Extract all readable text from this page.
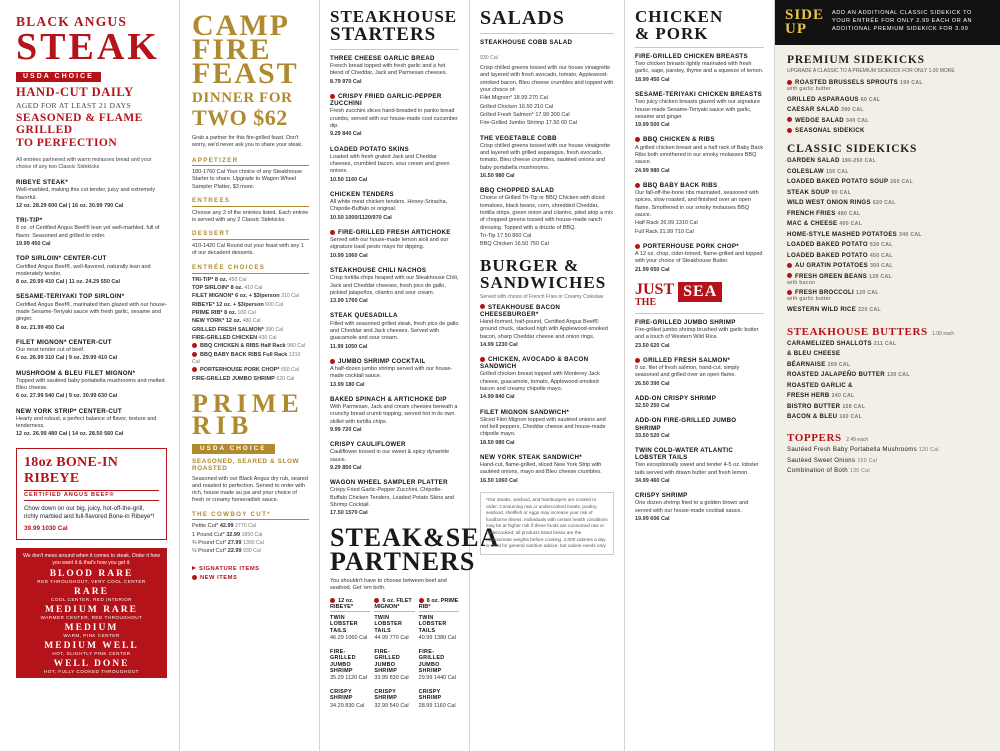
BLACK ANGUS
STEAK
USDA CHOICE
HAND-CUT DAILY
AGED FOR AT LEAST 21 DAYS
SEASONED & FLAME GRILLED
TO PERFECTION
All entrées partnered with warm molasses bread and your choice of any two Classic Sidekicks
RIBEYE STEAK*
Well-marbled, making this cut tender, juicy and extremely flavorful.
12 oz. 28.29 600 Cal | 16 oz. 30.99 790 Cal
TRI-TIP*
8 oz. of Certified Angus Beef® lean yet well-marbled, full of flavor. Seasoned and grilled to order.
19.99 450 Cal
TOP SIRLOIN* CENTER-CUT
Certified Angus Beef®, well-flavored, naturally lean and moderately tender.
8 oz. 20.99 410 Cal | 11 oz. 24.29 550 Cal
SESAME-TERIYAKI TOP SIRLOIN*
Certified Angus Beef®, marinated then glazed with our house-made Sesame-Teriyaki sauce with fresh garlic, sesame and ginger.
8 oz. 21.99 450 Cal
FILET MIGNON* CENTER-CUT
Our most tender cut of beef.
6 oz. 26.99 310 Cal | 9 oz. 29.99 410 Cal
MUSHROOM & BLEU FILET MIGNON*
Topped with sautéed baby portabella mushrooms and melted Bleu cheese.
6 oz. 27.99 540 Cal | 9 oz. 30.99 630 Cal
NEW YORK STRIP* CENTER-CUT
Hearty and robust, a perfect balance of flavor, texture and tenderness.
12 oz. 26.99 480 Cal | 14 oz. 28.50 560 Cal
18oz BONE-IN RIBEYE
CERTIFIED ANGUS BEEF®
Chow down on our big, juicy, hot-off-the-grill, richly marbled and full-flavored Bone-in Ribeye*!
39.99 1030 Cal
We don't mess around when it comes to steak. Order it how you want it & that's how you get it.
BLOOD RARE
RED THROUGHOUT, VERY COOL CENTER
RARE
COOL CENTER, RED INTERIOR
MEDIUM RARE
WARMER CENTER, RED THROUGHOUT
MEDIUM
WARM, PINK CENTER
MEDIUM WELL
HOT, SLIGHTLY PINK CENTER
WELL DONE
HOT, FULLY COOKED THROUGHOUT
CAMP
FIRE
FEAST
DINNER FOR
TWO $62
Grab a partner for this fire-grilled feast. Don't worry, we'd never ask you to share your steak.
APPETIZER
180-1760 Cal Your choice of any Steakhouse Starter to share. Upgrade to Wagon Wheel Sampler Platter, $3 more.
ENTREES
Choose any 2 of the entrées listed. Each entrée is served with any 2 Classic Sidekicks.
DESSERT
410-1420 Cal Round out your feast with any 1 of our decadent desserts.
ENTRÉE CHOICES
TRI-TIP* 8 oz. 450 Cal
TOP SIRLOIN* 8 oz. 410 Cal
FILET MIGNON* 6 oz. + $3/person 310 Cal
RIBEYE* 12 oz. + $3/person 600 Cal
PRIME RIB* 8 oz. 930 Cal
NEW YORK* 12 oz. 480 Cal
GRILLED FRESH SALMON* 390 Cal
FIRE-GRILLED CHICKEN 430 Cal
BBQ CHICKEN & RIBS Half Rack 980 Cal
BBQ BABY BACK RIBS Full Rack 1310 Cal
PORTERHOUSE PORK CHOP* 650 Cal
FIRE-GRILLED JUMBO SHRIMP 620 Cal
PRIME
RIB
USDA CHOICE
SEASONED, SEARED & SLOW ROASTED
Seasoned with our Black Angus dry rub, seared and roasted to perfection. Served to order with rich, house made au jus and your choice of fresh or creamy horseradish sauce.
THE COWBOY CUT*
Petite Cut* 42.99 2770 Cal
1 Pound Cut* 32.99 1850 Cal
¾ Pound Cut* 27.99 1390 Cal
½ Pound Cut* 22.99 930 Cal
SIGNATURE ITEMS
NEW ITEMS
STEAKHOUSE
STARTERS
THREE CHEESE GARLIC BREAD
French bread topped with fresh garlic and a hot blend of Cheddar, Jack and Parmesan cheeses.
8.79 970 Cal
CRISPY FRIED GARLIC-PEPPER ZUCCHINI
Fresh zucchini slices hand-breaded in panko bread crumbs, served with our house-made cool cucumber dip.
9.29 840 Cal
LOADED POTATO SKINS
Loaded with fresh grated Jack and Cheddar cheeses, crumbled bacon, sour cream and green onions.
10.50 1160 Cal
CHICKEN TENDERS
All white meat chicken tenders. Honey-Sriracha, Chipotle-Buffalo or original.
10.50 1000/1120/970 Cal
FIRE-GRILLED FRESH ARTICHOKE
Served with our house-made lemon aioli and our signature basil pesto mayo for dipping.
10.99 1060 Cal
STEAKHOUSE CHILI NACHOS
Crisp tortilla chips heaped with our Steakhouse Chili, Jack and Cheddar cheeses, fresh pico de gallo, pickled jalapeños, cilantro and sour cream.
13.99 1760 Cal
STEAK QUESADILLA
Filled with seasoned grilled steak, fresh pico de gallo and Cheddar and Jack cheeses. Served with guacamole and sour cream.
11.99 1050 Cal
JUMBO SHRIMP COCKTAIL
A half-dozen jumbo shrimp served with our house-made cocktail sauce.
13.99 180 Cal
BAKED SPINACH & ARTICHOKE DIP
With Parmesan, Jack and cream cheeses beneath a crunchy bread crumb topping, served hot in its own skillet with tortilla chips.
9.99 720 Cal
CRISPY CAULIFLOWER
Cauliflower tossed in our sweet & spicy dynamite sauce.
9.29 850 Cal
WAGON WHEEL SAMPLER PLATTER
Crispy Fried Garlic-Pepper Zucchini, Chipotle-Buffalo Chicken Tenders, Loaded Potato Skins and Shrimp Cocktail.
17.50 1570 Cal
STEAK&SEA
PARTNERS
You shouldn't have to choose between beef and seafood. Get 'em both.
12 oz. RIBEYE*
TWIN LOBSTER TAILS
46.29 1060 Cal
FIRE-GRILLED JUMBO SHRIMP
35.29 1120 Cal
CRISPY SHRIMP
34.29 830 Cal
6 oz. FILET MIGNON*
TWIN LOBSTER TAILS
44.99 770 Cal
FIRE-GRILLED JUMBO SHRIMP
33.99 830 Cal
CRISPY SHRIMP
32.99 540 Cal
8 oz. PRIME RIB*
TWIN LOBSTER TAILS
40.99 1380 Cal
FIRE-GRILLED JUMBO SHRIMP
29.99 1440 Cal
CRISPY SHRIMP
28.99 1160 Cal
SALADS
STEAKHOUSE COBB SALAD
930 Cal
Crisp chilled greens tossed with our house vinaigrette and layered with fresh avocado, tomato, Applewood-smoked bacon, Bleu cheese crumbles and topped with your choice of:
Filet Mignon* 18.99 270 Cal
Grilled Chicken 16.50 210 Cal
Grilled Fresh Salmon* 17.99 300 Cal
Fire-Grilled Jumbo Shrimp 17.50 60 Cal
THE VEGETABLE COBB
Crisp chilled greens tossed with our house vinaigrette and layered with grilled asparagus, fresh avocado, tomato, Bleu cheese crumbles, sautéed onions and baby portabella mushrooms.
16.50 980 Cal
BBQ CHOPPED SALAD
Choice of Grilled Tri-Tip or BBQ Chicken with diced tomatoes, black beans, corn, shredded Cheddar, tortilla strips, green onion and cilantro, piled atop a mix of chopped greens tossed with house-made ranch dressing. Topped with a drizzle of BBQ.
Tri-Tip 17.50 860 Cal
BBQ Chicken 16.50 750 Cal
BURGER &
SANDWICHES
Served with choice of French Fries or Creamy Coleslaw
STEAKHOUSE BACON CHEESEBURGER*
Hand-formed, half-pound, Certified Angus Beef® ground chuck, stacked high with Applewood-smoked bacon, sharp Cheddar cheese and onion rings.
14.99 1230 Cal
CHICKEN, AVOCADO & BACON SANDWICH
Grilled chicken breast topped with Monterey Jack cheese, guacamole, tomato, Applewood-smoked bacon and creamy chipotle mayo.
14.99 840 Cal
FILET MIGNON SANDWICH*
Sliced Filet Mignon topped with sautéed onions and red bell peppers, Cheddar cheese and house-made chipotle mayo.
18.50 980 Cal
NEW YORK STEAK SANDWICH*
Hand-cut, flame-grilled, sliced New York Strip with sautéed onions, mayo and Bleu cheese crumbles.
16.50 1060 Cal
*Our steaks, seafood, and hamburgers are cooked to order. Consuming raw or undercooked meats, poultry, seafood, shellfish or eggs may increase your risk of foodborne illness. Individuals with certain health conditions may be at higher risk if these foods are consumed raw or undercooked; all products listed below are the approximate weights before cooking. 2,000 calories a day is used for general nutrition advice, but calorie needs vary.
CHICKEN
& PORK
FIRE-GRILLED CHICKEN BREASTS
Two chicken breasts lightly marinated with fresh garlic, sage, parsley, thyme and a squeeze of lemon.
18.99 450 Cal
SESAME-TERIYAKI CHICKEN BREASTS
Two juicy chicken breasts glazed with our signature house-made Sesame-Teriyaki sauce with garlic, sesame and ginger.
19.99 500 Cal
BBQ CHICKEN & RIBS
A grilled chicken breast and a half rack of Baby Back Ribs both smothered in our smoky molasses BBQ sauce.
24.99 980 Cal
BBQ BABY BACK RIBS
Our fall-off-the-bone ribs marinated, seasoned with spices, slow roasted, and finished over an open flame. Smothered in our smoky molasses BBQ sauce.
Half Rack 26.99 1310 Cal
Full Rack 21.99 710 Cal
PORTERHOUSE PORK CHOP*
A 12 oz. chop, cider-brined, flame-grilled and topped with your choice of Steakhouse Butter.
21.99 650 Cal
JUST
THE
SEA
FIRE-GRILLED JUMBO SHRIMP
Fire-grilled jumbo shrimp brushed with garlic butter and a touch of Western Wild Rice.
23.50 620 Cal
GRILLED FRESH SALMON*
8 oz. filet of fresh salmon, hand-cut, simply seasoned and grilled over an open flame.
26.50 390 Cal
ADD-ON CRISPY SHRIMP
32.50 250 Cal
ADD-ON FIRE-GRILLED JUMBO SHRIMP
33.50 520 Cal
TWIN COLD-WATER ATLANTIC LOBSTER TAILS
Two exceptionally sweet and tender 4-5 oz. lobster tails served with drawn butter and fresh lemon.
34.99 460 Cal
CRISPY SHRIMP
One dozen shrimp fried to a golden brown and served with our house-made cocktail sauce.
19.99 606 Cal
SIDE
UP
ADD AN ADDITIONAL CLASSIC SIDEKICK TO YOUR ENTRÉE FOR ONLY 2.99 EACH OR AN ADDITIONAL PREMIUM SIDEKICK FOR 3.99
PREMIUM SIDEKICKS
UPGRADE A CLASSIC TO A PREMIUM SIDEKICK FOR ONLY 1.00 MORE
ROASTED BRUSSELS SPROUTS 190 CAL
with garlic butter
GRILLED ASPARAGUS 60 CAL
CAESAR SALAD 390 CAL
WEDGE SALAD 340 CAL
SEASONAL SIDEKICK
CLASSIC SIDEKICKS
GARDEN SALAD 190-250 CAL
COLESLAW 150 CAL
LOADED BAKED POTATO SOUP 260 CAL
STEAK SOUP 90 CAL
WILD WEST ONION RINGS 620 CAL
FRENCH FRIES 480 CAL
MAC & CHEESE 400 CAL
HOME-STYLE MASHED POTATOES 340 CAL
LOADED BAKED POTATO 530 CAL
LOADED BAKED POTATO 450 CAL
AU GRATIN POTATOES 300 CAL
FRESH GREEN BEANS 120 CAL
with bacon
FRESH BROCCOLI 120 CAL
with garlic butter
WESTERN WILD RICE 220 CAL
STEAKHOUSE BUTTERS 1.00 each
CARAMELIZED SHALLOTS 211 CAL
& BLEU CHEESE
BÉARNAISE 209 CAL
ROASTED JALAPEÑO BUTTER 130 CAL
ROASTED GARLIC &
FRESH HERB 240 CAL
BISTRO BUTTER 158 CAL
BACON & BLEU 160 CAL
TOPPERS 2.49 each
Sautéed Fresh Baby Portabella Mushrooms 120 Cal
Sautéed Sweet Onions 150 Cal
Combination of Both 130 Cal
